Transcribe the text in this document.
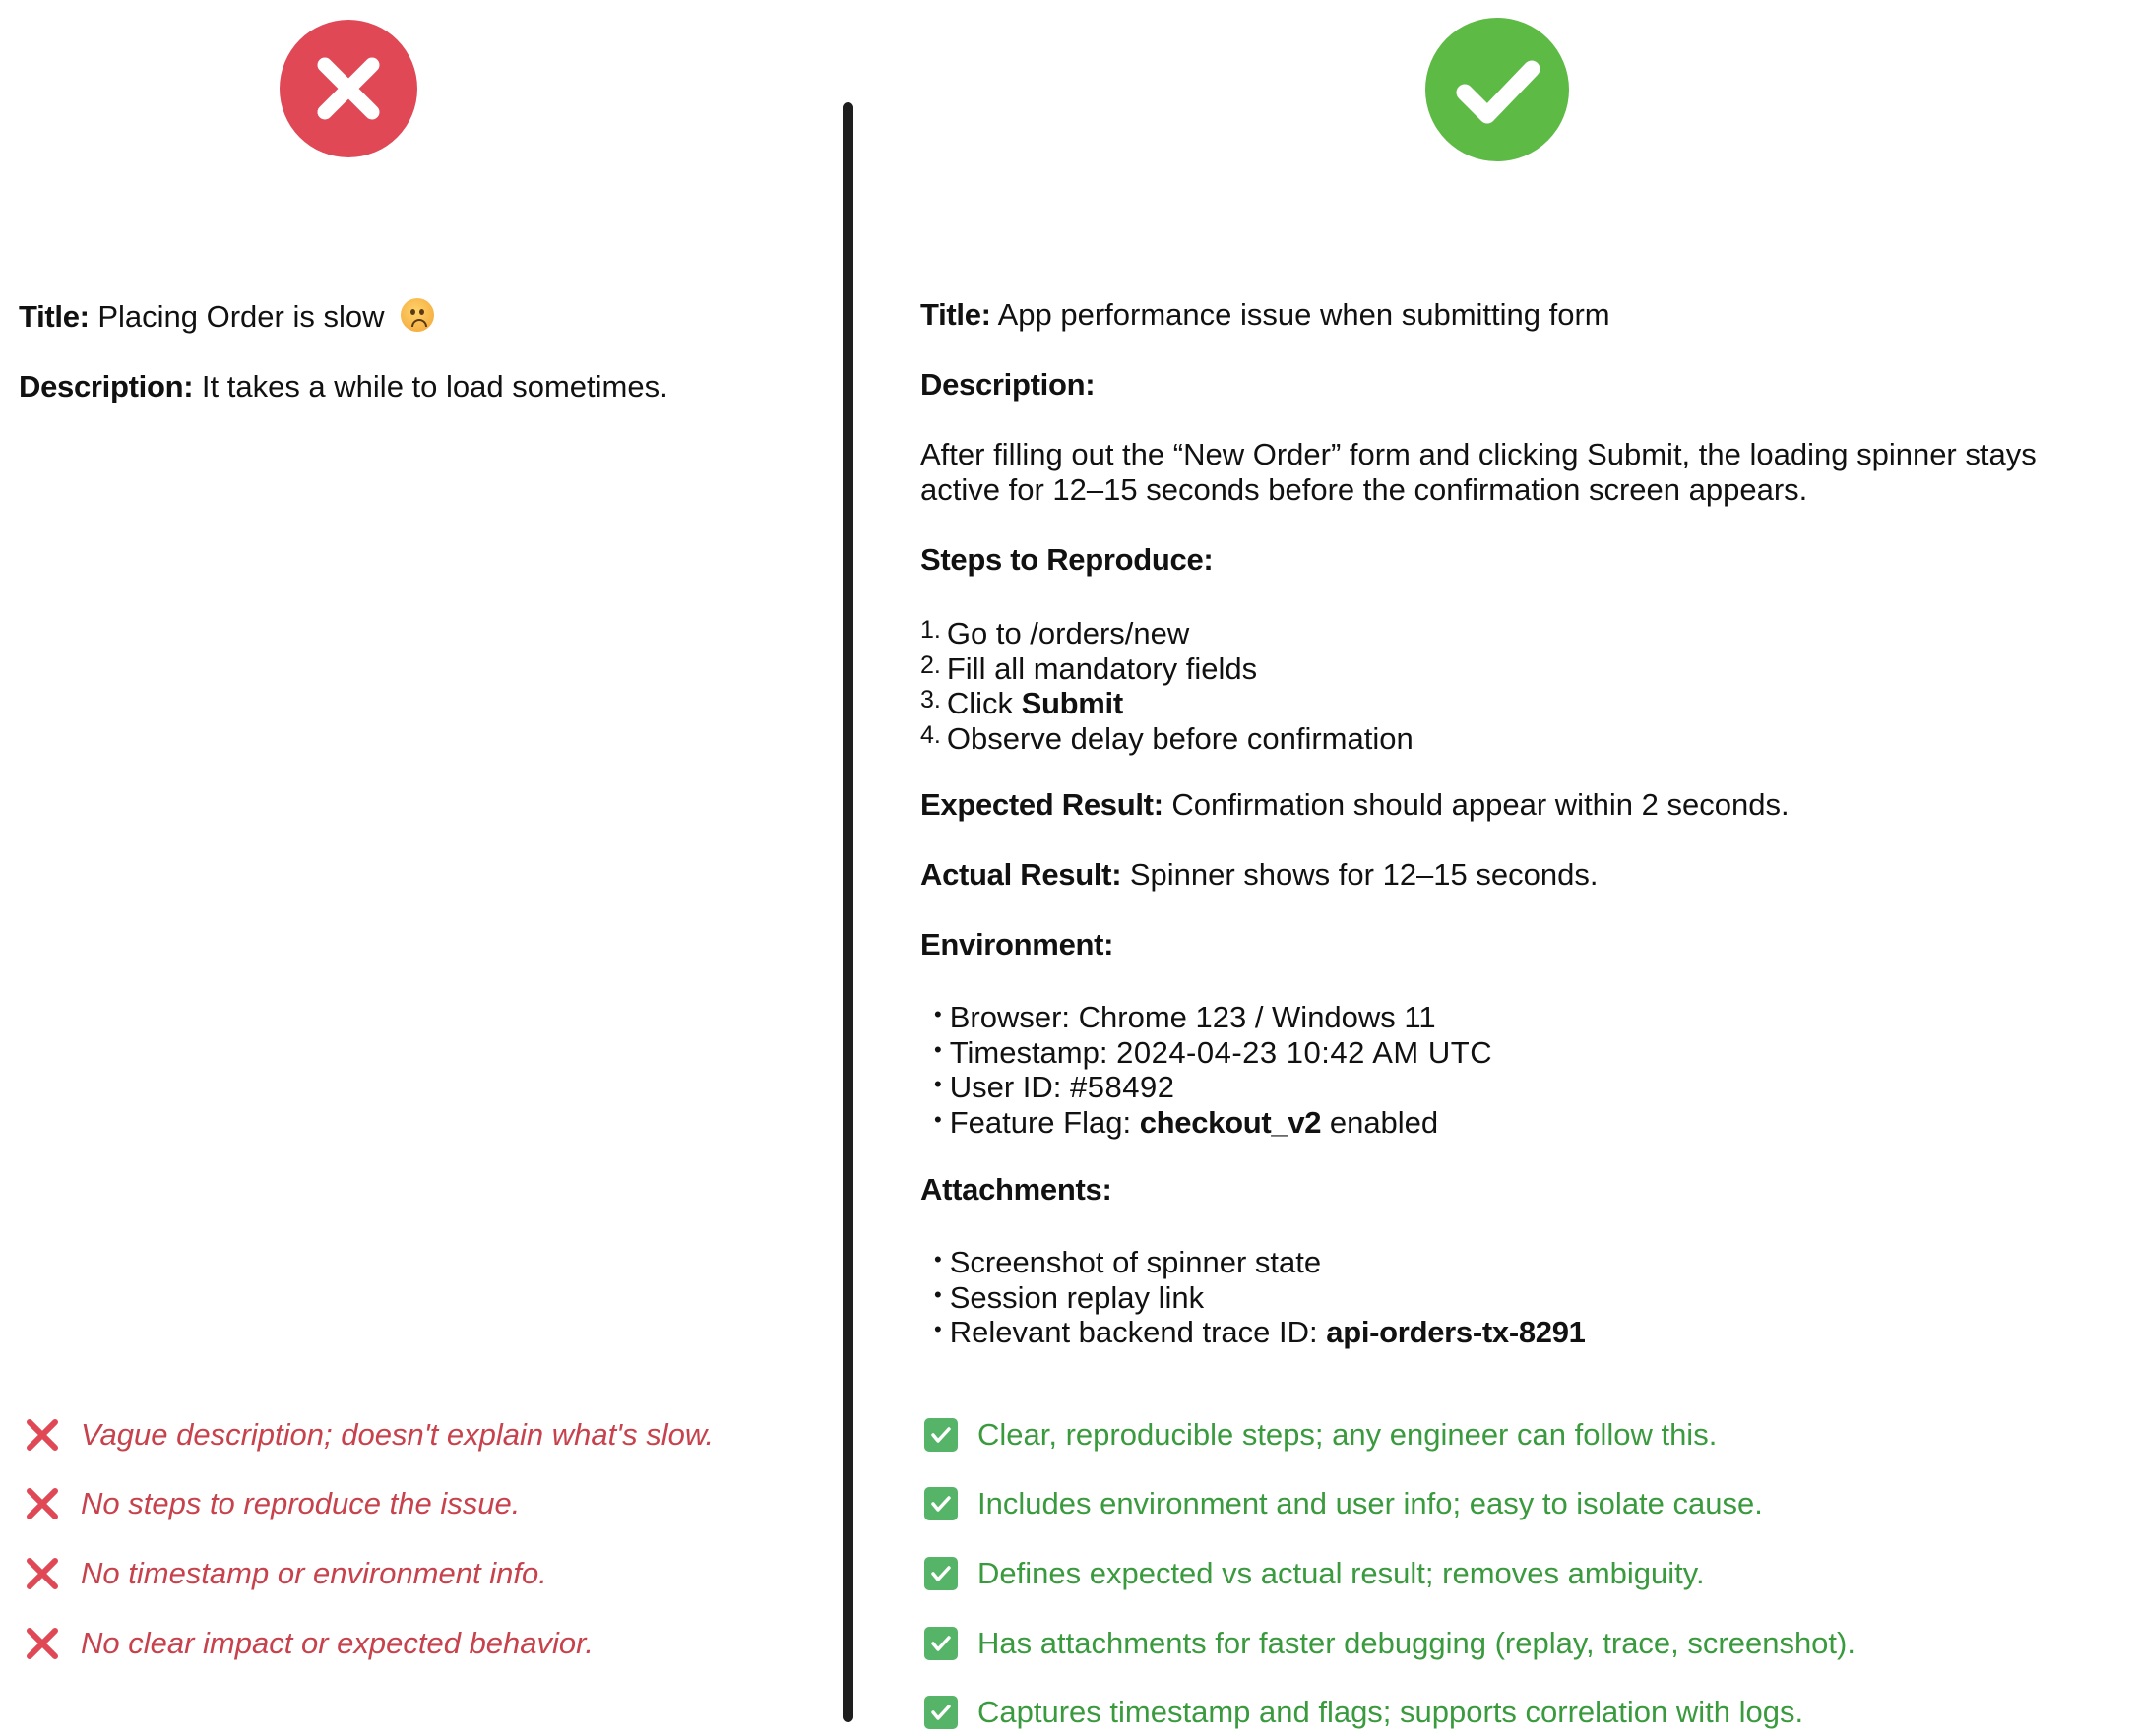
Title: Placing Order is slow
Description: It takes a while to load sometimes.
Vague description; doesn't explain what's slow.
No steps to reproduce the issue.
No timestamp or environment info.
No clear impact or expected behavior.
Title: App performance issue when submitting form
Description:
After filling out the “New Order” form and clicking Submit, the loading spinner stays
active for 12–15 seconds before the confirmation screen appears.
Steps to Reproduce:
1. Go to /orders/new
2. Fill all mandatory fields
3. Click Submit
4. Observe delay before confirmation
Expected Result: Confirmation should appear within 2 seconds.
Actual Result: Spinner shows for 12–15 seconds.
Environment:
• Browser: Chrome 123 / Windows 11
• Timestamp: 2024-04-23 10:42 AM UTC
• User ID: #58492
• Feature Flag: checkout_v2 enabled
Attachments:
• Screenshot of spinner state
• Session replay link
• Relevant backend trace ID: api-orders-tx-8291
Clear, reproducible steps; any engineer can follow this.
Includes environment and user info; easy to isolate cause.
Defines expected vs actual result; removes ambiguity.
Has attachments for faster debugging (replay, trace, screenshot).
Captures timestamp and flags; supports correlation with logs.
